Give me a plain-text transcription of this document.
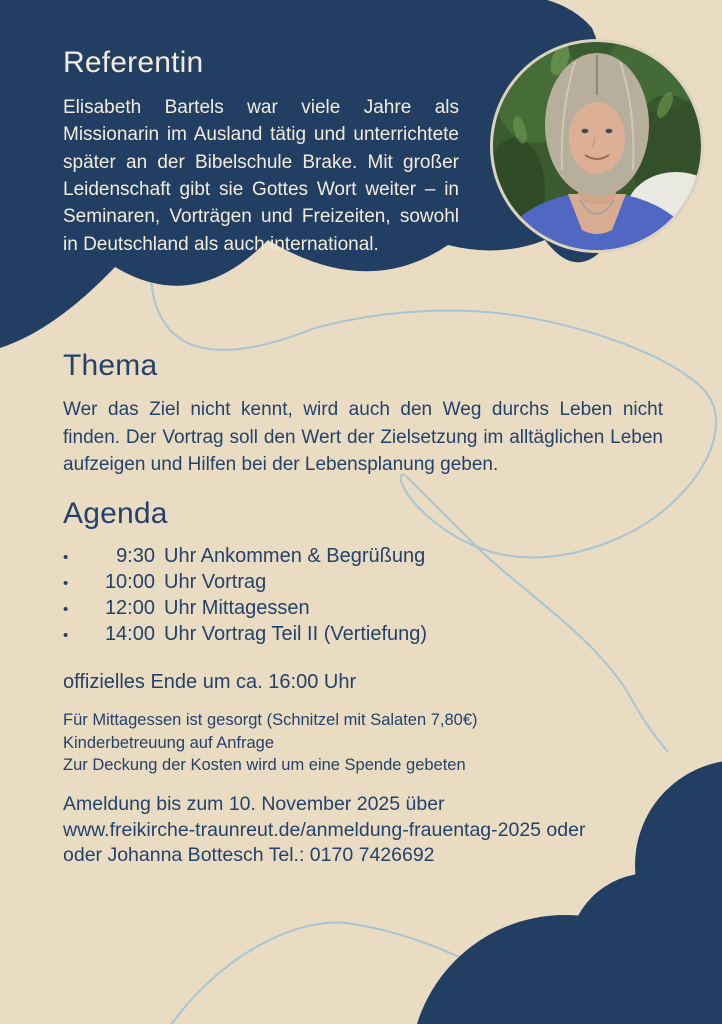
Referentin

Elisabeth Bartels war viele Jahre als Missionarin im Ausland tätig und unterrichtete später an der Bibelschule Brake. Mit großer Leidenschaft gibt sie Gottes Wort weiter – in Seminaren, Vorträgen und Freizeiten, sowohl in Deutschland als auch international.

Thema

Wer das Ziel nicht kennt, wird auch den Weg durchs Leben nicht finden. Der Vortrag soll den Wert der Zielsetzung im alltäglichen Leben aufzeigen und Hilfen bei der Lebensplanung geben.

Agenda
•	9:30 Uhr Ankommen & Begrüßung
•	10:00 Uhr Vortrag
•	12:00 Uhr Mittagessen
•	14:00 Uhr Vortrag Teil II (Vertiefung)

offizielles Ende um ca. 16:00 Uhr

Für Mittagessen ist gesorgt (Schnitzel mit Salaten 7,80€)

Kinderbetreuung auf Anfrage

Zur Deckung der Kosten wird um eine Spende gebeten

Ameldung bis zum 10. November 2025 über
www.freikirche-traunreut.de/anmeldung-frauentag-2025 oder
oder Johanna Bottesch Tel.: 0170 7426692
